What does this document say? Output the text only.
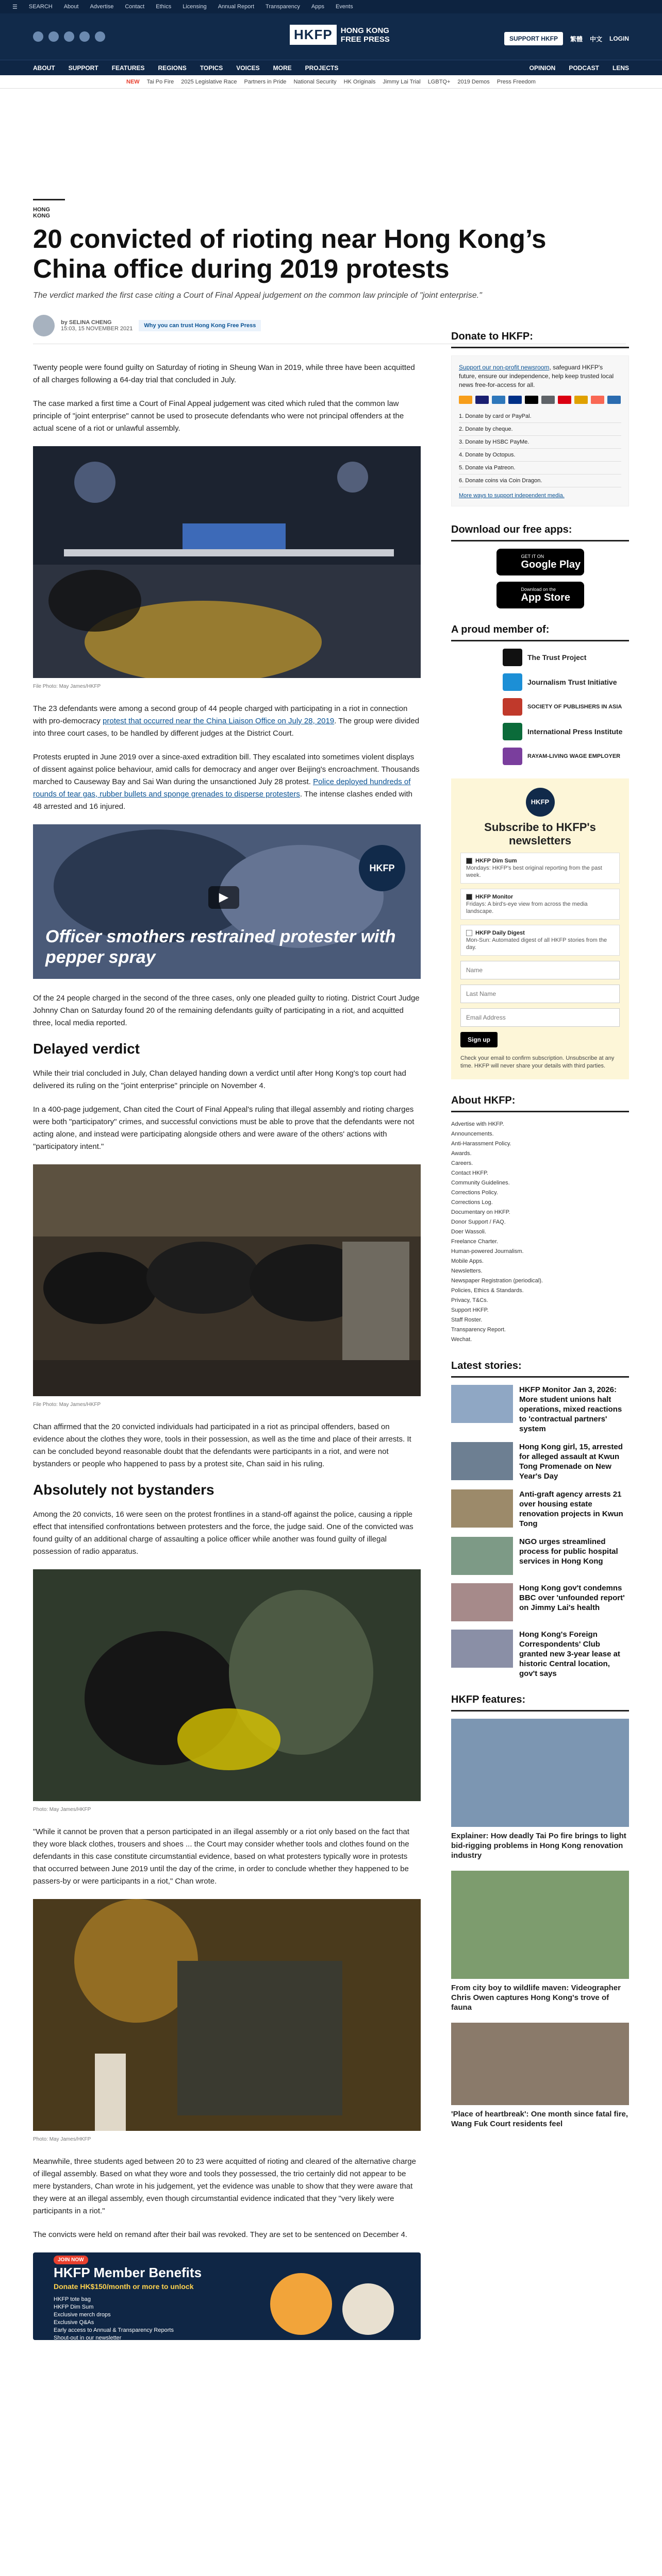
☰ SEARCH About Advertise Contact Ethics Licensing Annual Report Transparency Apps Events
HKFP	HONG KONG
FREE PRESS	SUPPORT HKFP	繁體 中文 LOGIN
ABOUT SUPPORT FEATURES REGIONS TOPICS VOICES MORE PROJECTS	OPINION PODCAST LENS
NEW Tai Po Fire 2025 Legislative Race Partners in Pride National Security HK Originals Jimmy Lai Trial LGBTQ+ 2019 Demos Press Freedom
HONG KONG
20 convicted of rioting near Hong Kong’s China office during 2019 protests
The verdict marked the first case citing a Court of Final Appeal judgement on the common law principle of "joint enterprise."
by SELINA CHENG
15:03, 15 NOVEMBER 2021	Why you can trust Hong Kong Free Press

Twenty people were found guilty on Saturday of rioting in Sheung Wan in 2019, while three have been acquitted of all charges following a 64-day trial that concluded in July.

The case marked a first time a Court of Final Appeal judgement was cited which ruled that the common law principle of "joint enterprise" cannot be used to prosecute defendants who were not principal offenders at the actual scene of a riot or unlawful assembly.

File Photo: May James/HKFP

The 23 defendants were among a second group of 44 people charged with participating in a riot in connection with pro-democracy protest that occurred near the China Liaison Office on July 28, 2019. The group were divided into three court cases, to be handled by different judges at the District Court.

Protests erupted in June 2019 over a since-axed extradition bill. They escalated into sometimes violent displays of dissent against police behaviour, amid calls for democracy and anger over Beijing's encroachment. Thousands marched to Causeway Bay and Sai Wan during the unsanctioned July 28 protest. Police deployed hundreds of rounds of tear gas, rubber bullets and sponge grenades to disperse protesters. The intense clashes ended with 48 arrested and 16 injured.

HKFP
▶
Officer smothers restrained protester with pepper spray

Of the 24 people charged in the second of the three cases, only one pleaded guilty to rioting. District Court Judge Johnny Chan on Saturday found 20 of the remaining defendants guilty of participating in a riot, and acquitted three, local media reported.

Delayed verdict

While their trial concluded in July, Chan delayed handing down a verdict until after Hong Kong's top court had delivered its ruling on the "joint enterprise" principle on November 4.

In a 400-page judgement, Chan cited the Court of Final Appeal's ruling that illegal assembly and rioting charges were both "participatory" crimes, and successful convictions must be able to prove that the defendants were not acting alone, and instead were participating alongside others and were aware of the others' actions with "participatory intent."

File Photo: May James/HKFP

Chan affirmed that the 20 convicted individuals had participated in a riot as principal offenders, based on evidence about the clothes they wore, tools in their possession, as well as the time and place of their arrests. It can be concluded beyond reasonable doubt that the defendants were participants in a riot, and were not bystanders or people who happened to pass by a protest site, Chan said in his ruling.

Absolutely not bystanders

Among the 20 convicts, 16 were seen on the protest frontlines in a stand-off against the police, causing a ripple effect that intensified confrontations between protesters and the force, the judge said. One of the convicted was found guilty of an additional charge of assaulting a police officer while another was found guilty of illegal possession of radio apparatus.

Photo: May James/HKFP

"While it cannot be proven that a person participated in an illegal assembly or a riot only based on the fact that they wore black clothes, trousers and shoes ... the Court may consider whether tools and clothes found on the defendants in this case constitute circumstantial evidence, based on what protesters typically wore in protests that occurred between June 2019 until the day of the crime, in order to conclude whether they happened to be passers-by or were participants in a riot," Chan wrote.

Photo: May James/HKFP

Meanwhile, three students aged between 20 to 23 were acquitted of rioting and cleared of the alternative charge of illegal assembly. Based on what they wore and tools they possessed, the trio certainly did not appear to be mere bystanders, Chan wrote in his judgement, yet the evidence was unable to show that they were aware that they were at an illegal assembly, even though circumstantial evidence indicated that they "very likely were participants in a riot."

The convicts were held on remand after their bail was revoked. They are set to be sentenced on December 4.

JOIN NOW
HKFP Member Benefits
Donate HK$150/month or more to unlock
HKFP tote bag
HKFP Dim Sum
Exclusive merch drops
Exclusive Q&As
Early access to Annual & Transparency Reports
Shout-out in our newsletter
Donate to HKFP:
Support our non-profit newsroom, safeguard HKFP's future, ensure our independence, help keep trusted local news free-for-access for all.
1. Donate by card or PayPal.
2. Donate by cheque.
3. Donate by HSBC PayMe.
4. Donate by Octopus.
5. Donate via Patreon.
6. Donate coins via Coin Dragon.
More ways to support independent media.
Download our free apps:
GET IT ON
Google Play
Download on the
App Store
A proud member of:
The Trust Project
Journalism Trust Initiative
SOCIETY OF PUBLISHERS IN ASIA
International Press Institute
RAYAM-LIVING WAGE EMPLOYER
HKFP
Subscribe to HKFP's newsletters
HKFP Dim Sum
Mondays: HKFP's best original reporting from the past week.
HKFP Monitor
Fridays: A bird's-eye view from across the media landscape.
HKFP Daily Digest
Mon-Sun: Automated digest of all HKFP stories from the day.
Name Last Name Email Address Sign up
Check your email to confirm subscription. Unsubscribe at any time. HKFP will never share your details with third parties.
About HKFP:
Advertise with HKFP.
Announcements.
Anti-Harassment Policy.
Awards.
Careers.
Contact HKFP.
Community Guidelines.
Corrections Policy.
Corrections Log.
Documentary on HKFP.
Donor Support / FAQ.
Doer Wassoli.
Freelance Charter.
Human-powered Journalism.
Mobile Apps.
Newsletters.
Newspaper Registration (periodical).
Policies, Ethics & Standards.
Privacy, T&Cs.
Support HKFP.
Staff Roster.
Transparency Report.
Wechat.
Latest stories:
HKFP Monitor Jan 3, 2026: More student unions halt operations, mixed reactions to 'contractual partners' system
Hong Kong girl, 15, arrested for alleged assault at Kwun Tong Promenade on New Year's Day
Anti-graft agency arrests 21 over housing estate renovation projects in Kwun Tong
NGO urges streamlined process for public hospital services in Hong Kong
Hong Kong gov't condemns BBC over 'unfounded report' on Jimmy Lai's health
Hong Kong's Foreign Correspondents' Club granted new 3-year lease at historic Central location, gov't says
HKFP features:
Explainer: How deadly Tai Po fire brings to light bid-rigging problems in Hong Kong renovation industry
From city boy to wildlife maven: Videographer Chris Owen captures Hong Kong's trove of fauna
'Place of heartbreak': One month since fatal fire, Wang Fuk Court residents feel
